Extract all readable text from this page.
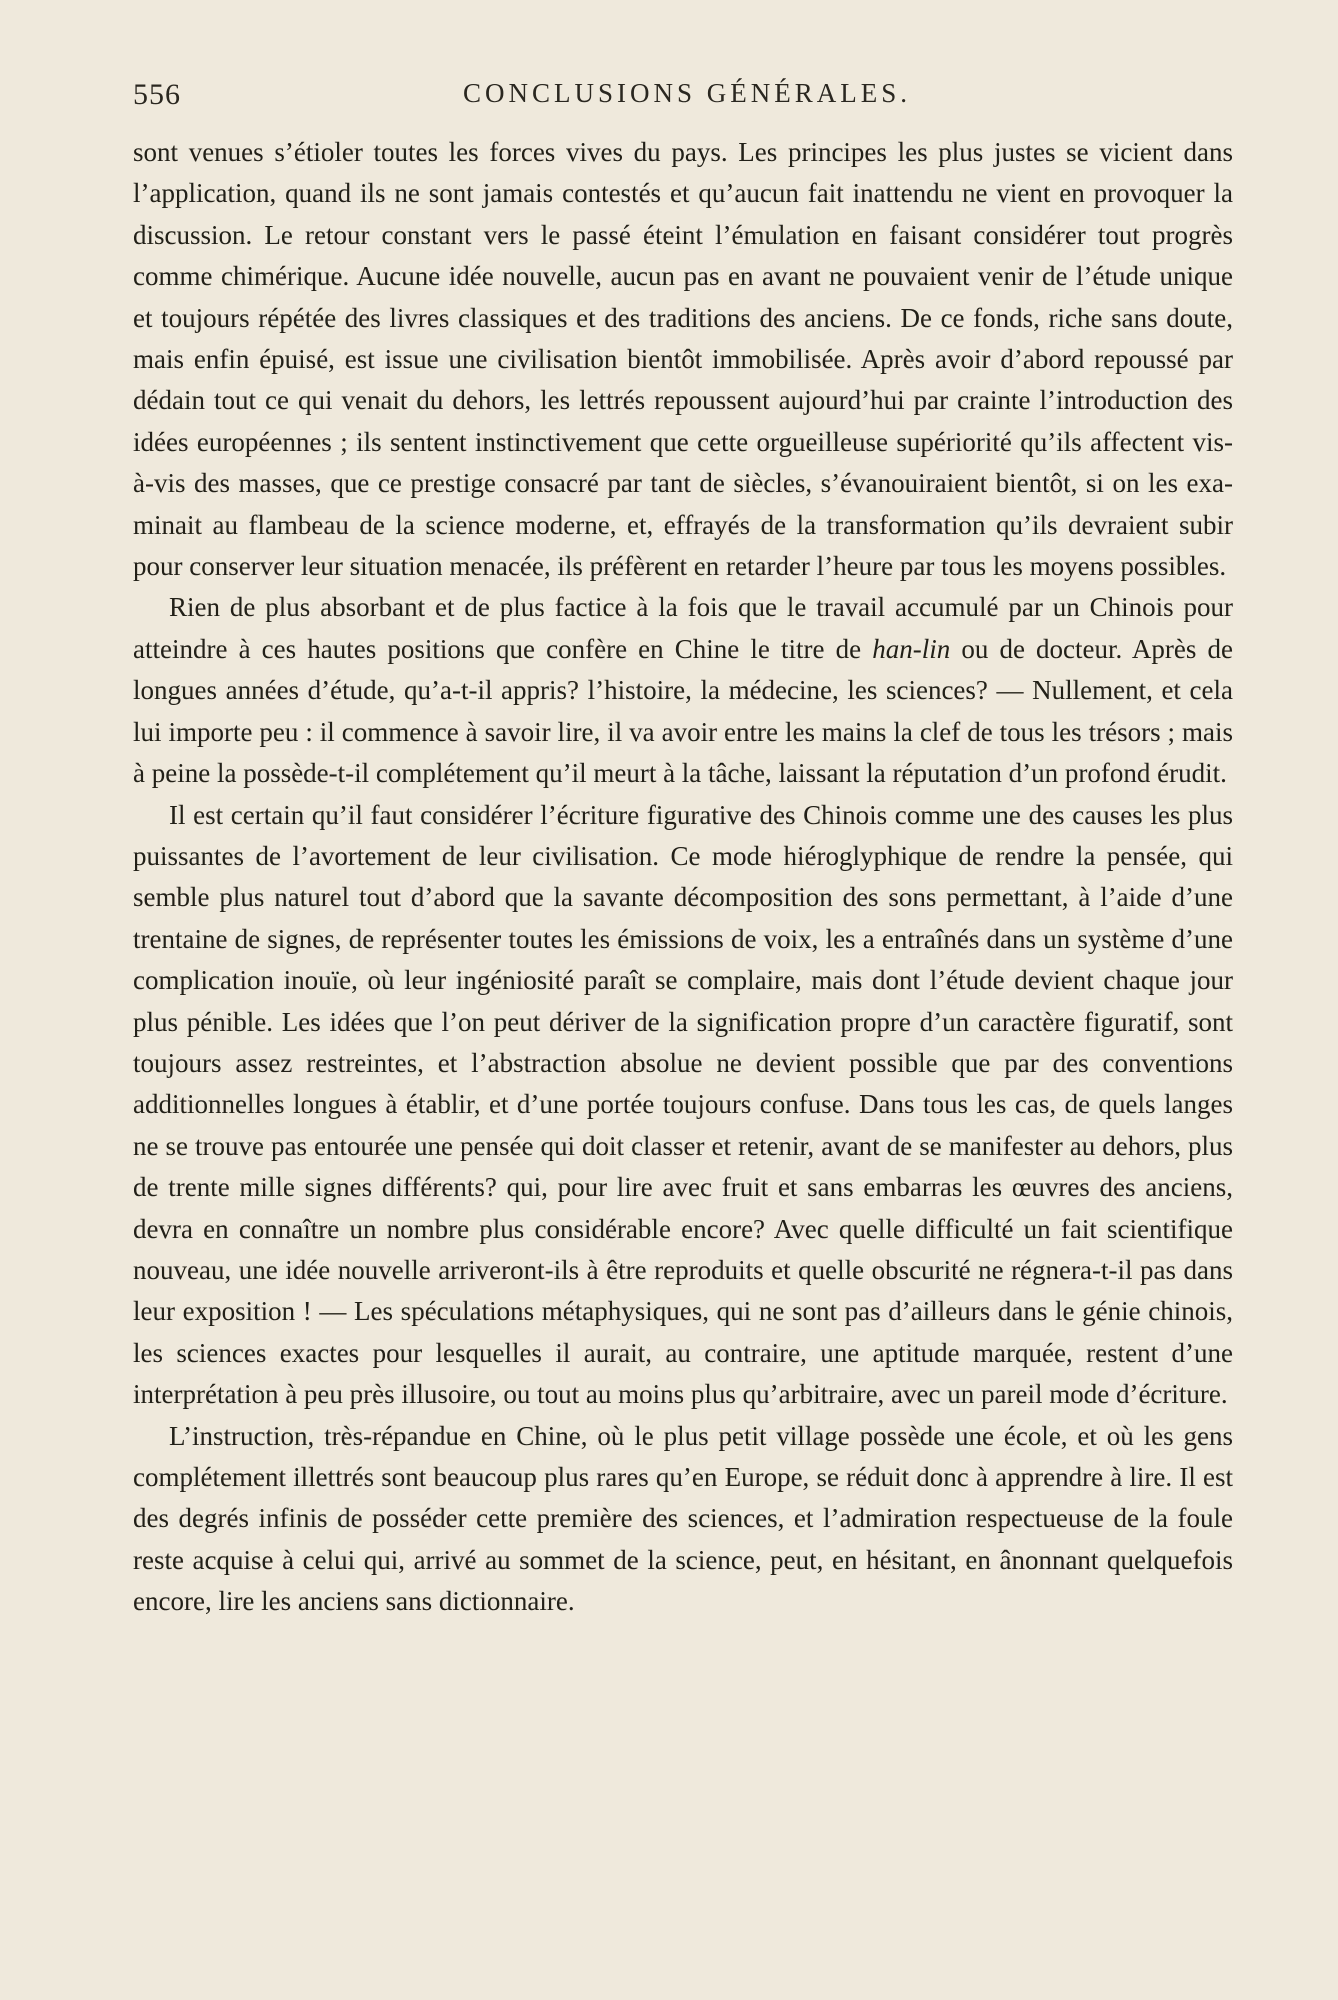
556	CONCLUSIONS GÉNÉRALES.

sont venues s’étioler toutes les forces vives du pays. Les principes les plus justes se vicient dans l’application, quand ils ne sont jamais contestés et qu’aucun fait inattendu ne vient en provoquer la discussion. Le retour constant vers le passé éteint l’émulation en faisant considérer tout progrès comme chimérique. Aucune idée nouvelle, aucun pas en avant ne pouvaient venir de l’étude unique et toujours répétée des livres classiques et des traditions des anciens. De ce fonds, riche sans doute, mais enfin épuisé, est issue une civilisation bientôt immobilisée. Après avoir d’abord repoussé par dédain tout ce qui venait du dehors, les lettrés repoussent aujourd’hui par crainte l’introduction des idées européennes ; ils sentent instinctivement que cette orgueilleuse supériorité qu’ils affectent vis-à-vis des masses, que ce prestige consacré par tant de siècles, s’évanouiraient bientôt, si on les examinait au flambeau de la science moderne, et, effrayés de la transformation qu’ils devraient subir pour conserver leur situation menacée, ils préfèrent en retarder l’heure par tous les moyens possibles.

Rien de plus absorbant et de plus factice à la fois que le travail accumulé par un Chinois pour atteindre à ces hautes positions que confère en Chine le titre de han-lin ou de docteur. Après de longues années d’étude, qu’a-t-il appris? l’histoire, la médecine, les sciences? — Nullement, et cela lui importe peu : il commence à savoir lire, il va avoir entre les mains la clef de tous les trésors ; mais à peine la possède-t-il complétement qu’il meurt à la tâche, laissant la réputation d’un profond érudit.

Il est certain qu’il faut considérer l’écriture figurative des Chinois comme une des causes les plus puissantes de l’avortement de leur civilisation. Ce mode hiéroglyphique de rendre la pensée, qui semble plus naturel tout d’abord que la savante décomposition des sons permettant, à l’aide d’une trentaine de signes, de représenter toutes les émissions de voix, les a entraînés dans un système d’une complication inouïe, où leur ingéniosité paraît se complaire, mais dont l’étude devient chaque jour plus pénible. Les idées que l’on peut dériver de la signification propre d’un caractère figuratif, sont toujours assez restreintes, et l’abstraction absolue ne devient possible que par des conventions additionnelles longues à établir, et d’une portée toujours confuse. Dans tous les cas, de quels langes ne se trouve pas entourée une pensée qui doit classer et retenir, avant de se manifester au dehors, plus de trente mille signes différents? qui, pour lire avec fruit et sans embarras les œuvres des anciens, devra en connaître un nombre plus considérable encore? Avec quelle difficulté un fait scientifique nouveau, une idée nouvelle arriveront-ils à être reproduits et quelle obscurité ne régnera-t-il pas dans leur exposition ! — Les spéculations métaphysiques, qui ne sont pas d’ailleurs dans le génie chinois, les sciences exactes pour lesquelles il aurait, au contraire, une aptitude marquée, restent d’une interprétation à peu près illusoire, ou tout au moins plus qu’arbitraire, avec un pareil mode d’écriture.

L’instruction, très-répandue en Chine, où le plus petit village possède une école, et où les gens complétement illettrés sont beaucoup plus rares qu’en Europe, se réduit donc à apprendre à lire. Il est des degrés infinis de posséder cette première des sciences, et l’admiration respectueuse de la foule reste acquise à celui qui, arrivé au sommet de la science, peut, en hésitant, en ânonnant quelquefois encore, lire les anciens sans dictionnaire.
